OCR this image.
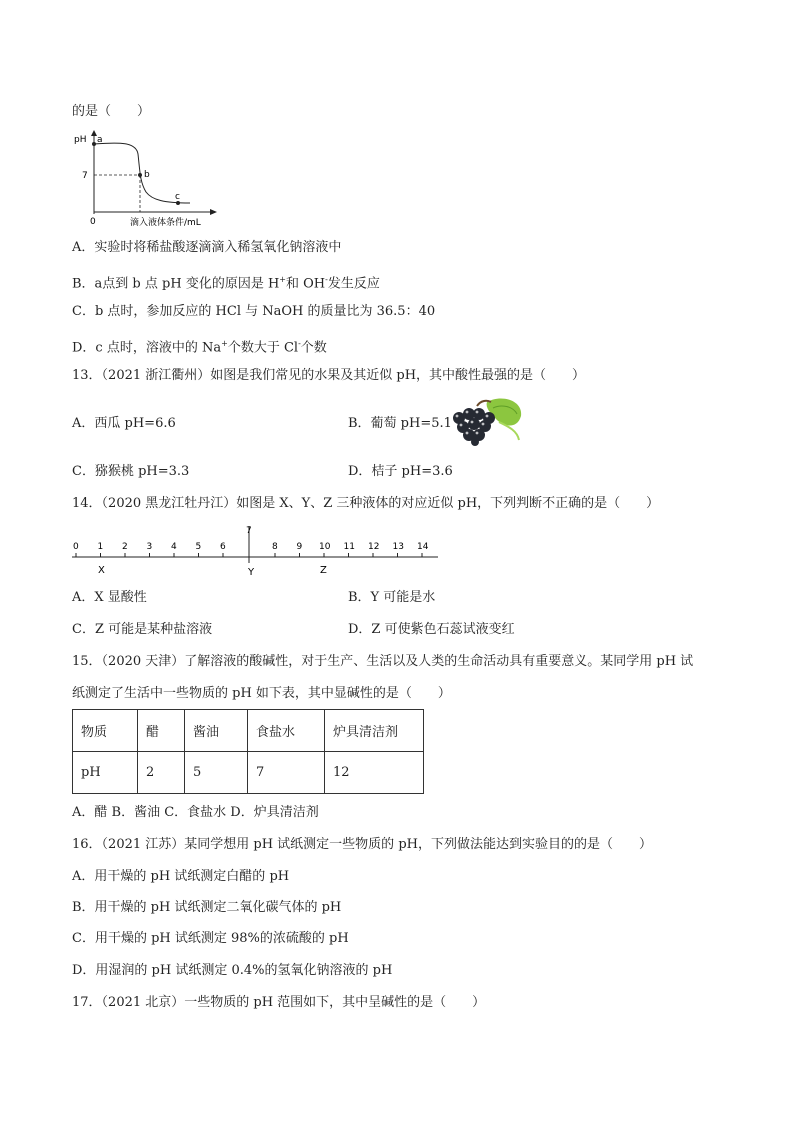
的是（　　）
pH
7
0
a
b
c
滴入液体条件/mL
A．实验时将稀盐酸逐滴滴入稀氢氧化钠溶液中
B．a点到 b 点 pH 变化的原因是 H+和 OH-发生反应
C．b 点时，参加反应的 HCl 与 NaOH 的质量比为 36.5：40
D．c 点时，溶液中的 Na+个数大于 Cl-个数
13．（2021 浙江衢州）如图是我们常见的水果及其近似 pH，其中酸性最强的是（　　）
A．西瓜 pH=6.6	B．葡萄 pH=5.1
C．猕猴桃 pH=3.3	D．桔子 pH=3.6
14．（2020 黑龙江牡丹江）如图是 X、Y、Z 三种液体的对应近似 pH，下列判断不正确的是（　　）
0 1 2 3 4 5 6
7
8 9 10 11 12 13 14
X	Y	Z
A．X 显酸性	B．Y 可能是水
C．Z 可能是某种盐溶液	D．Z 可使紫色石蕊试液变红
15．（2020 天津）了解溶液的酸碱性，对于生产、生活以及人类的生命活动具有重要意义。某同学用 pH 试
纸测定了生活中一些物质的 pH 如下表，其中显碱性的是（　　）
物质	醋	酱油	食盐水	炉具清洁剂
pH	2	5	7	12
A．醋 B．酱油 C．食盐水 D．炉具清洁剂
16．（2021 江苏）某同学想用 pH 试纸测定一些物质的 pH，下列做法能达到实验目的的是（　　）
A．用干燥的 pH 试纸测定白醋的 pH
B．用干燥的 pH 试纸测定二氧化碳气体的 pH
C．用干燥的 pH 试纸测定 98%的浓硫酸的 pH
D．用湿润的 pH 试纸测定 0.4%的氢氧化钠溶液的 pH
17．（2021 北京）一些物质的 pH 范围如下，其中呈碱性的是（　　）
